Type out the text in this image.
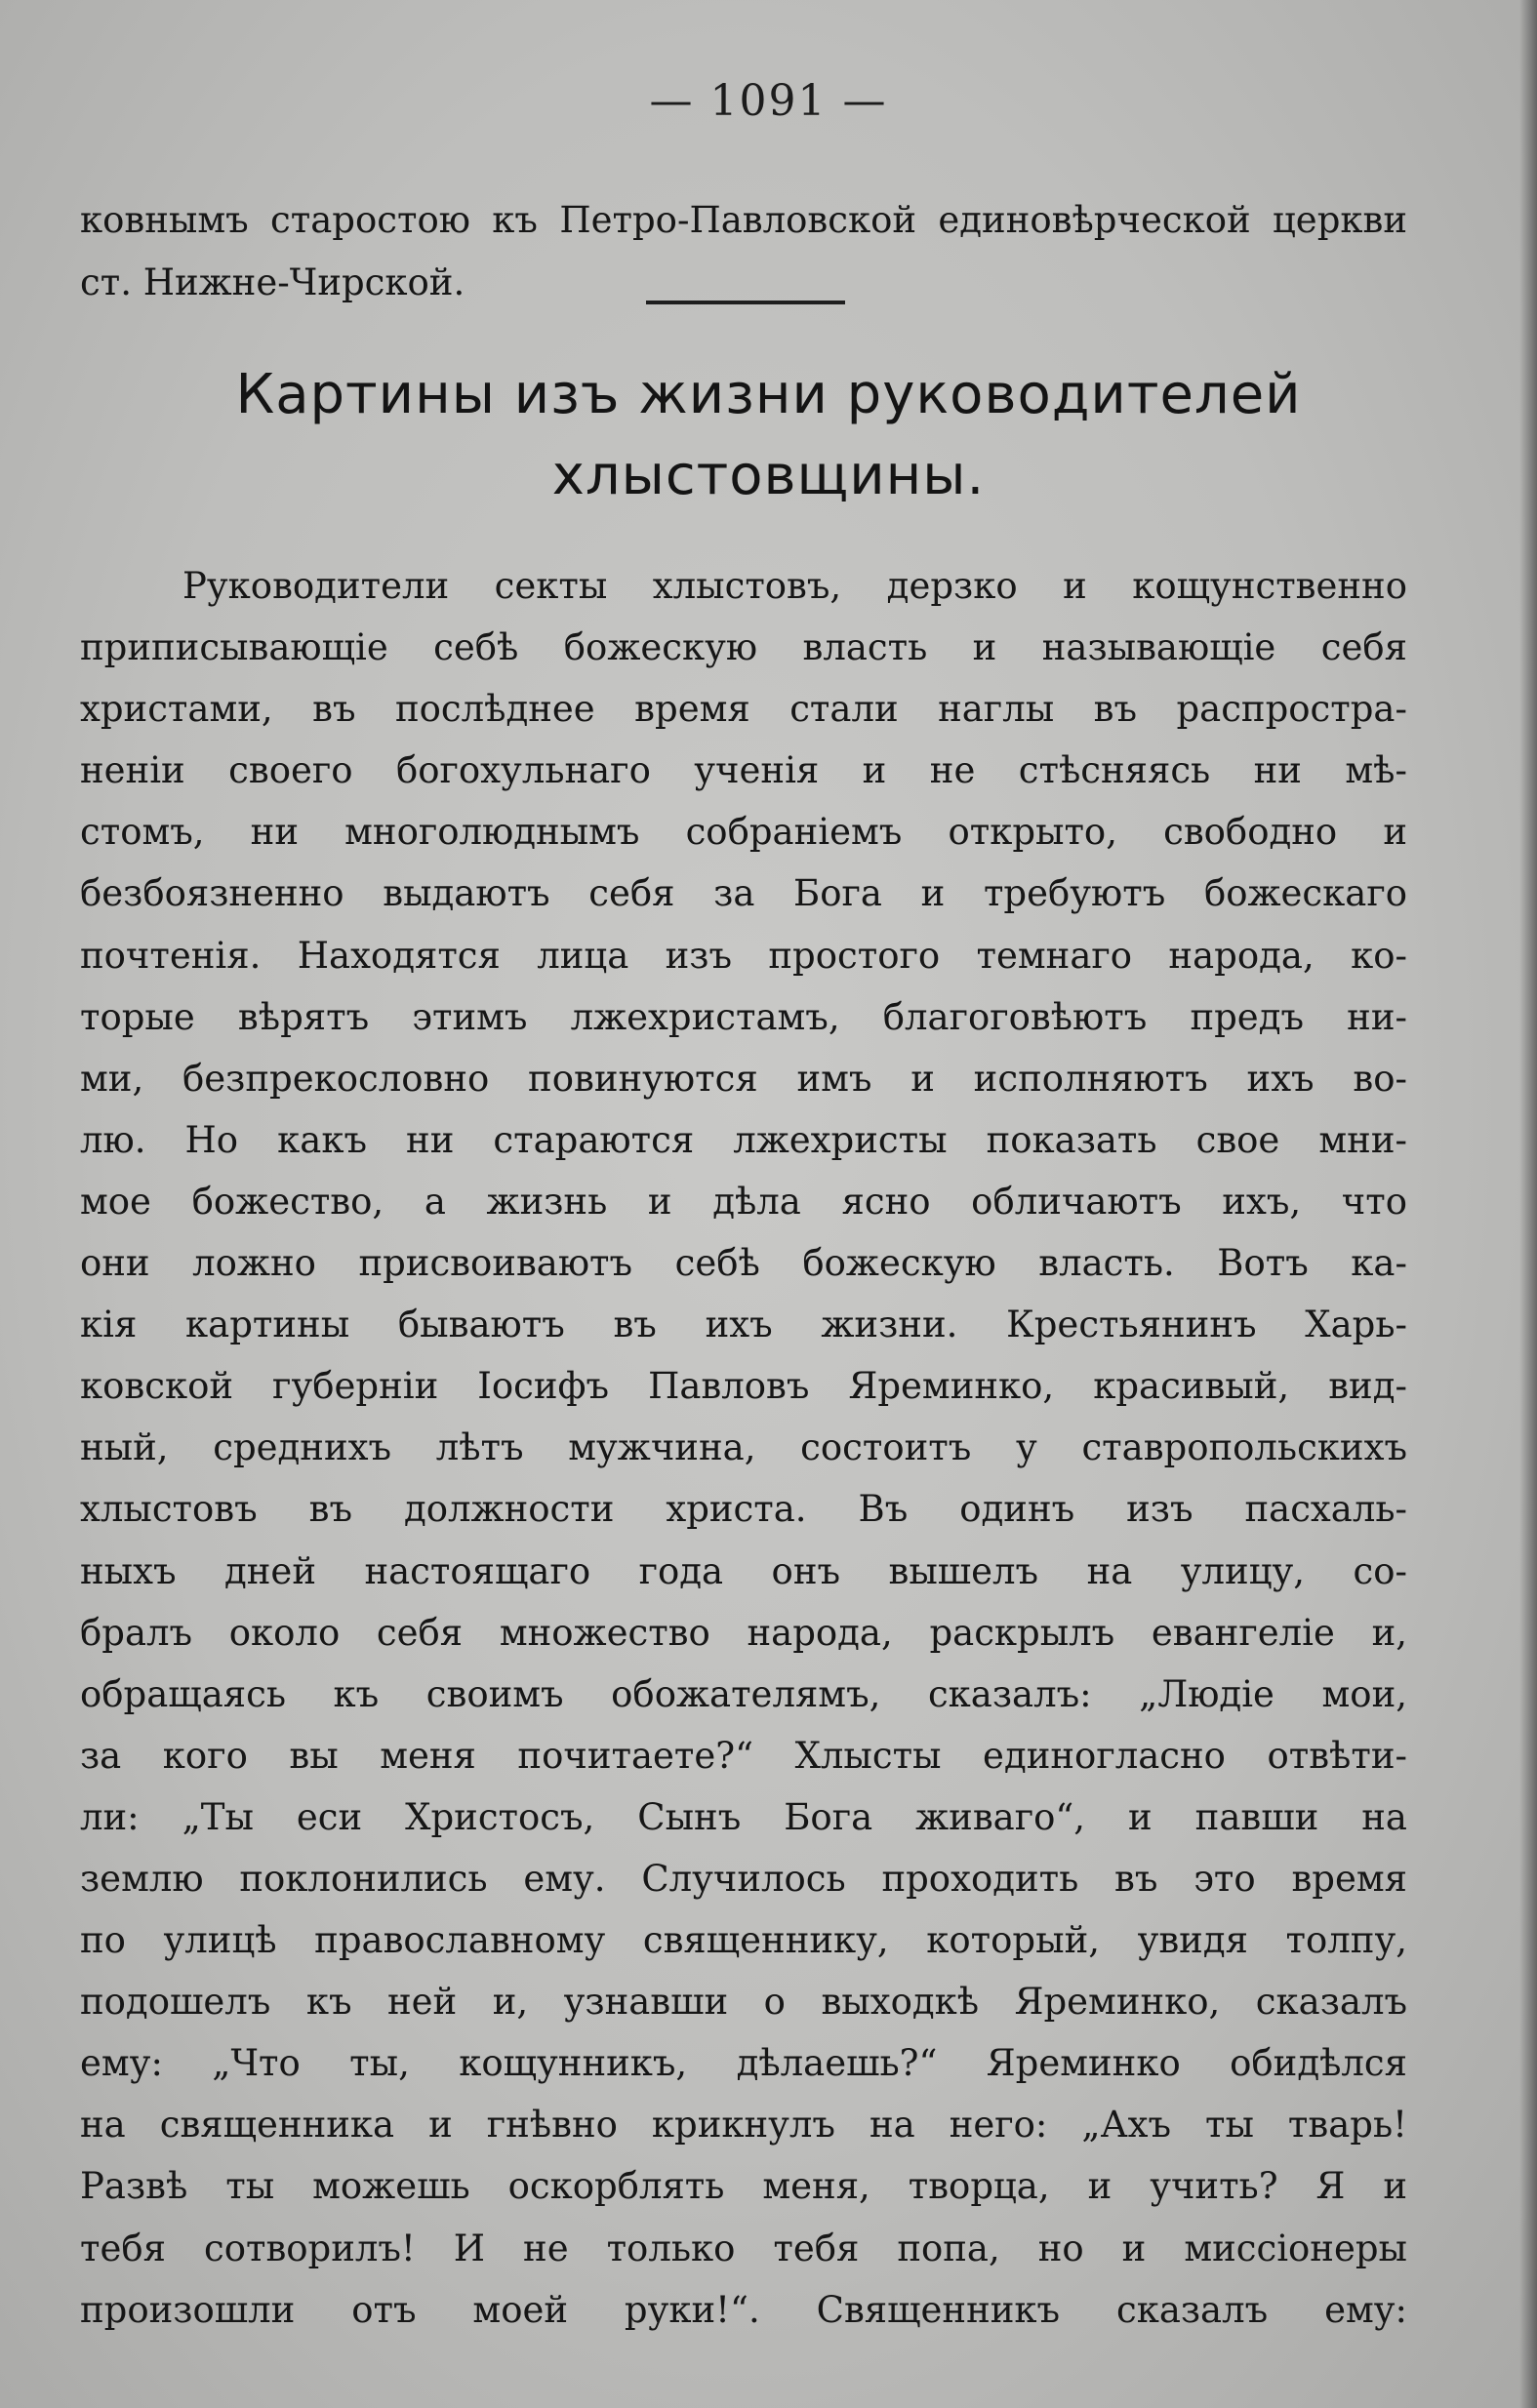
— 1091 —
ковнымъ старостою къ Петро-Павловской единовѣрческой церкви
ст. Нижне-Чирской.
Картины изъ жизни руководителей
хлыстовщины.
Руководители секты хлыстовъ, дерзко и кощунственно
приписывающіе себѣ божескую власть и называющіе себя
христами, въ послѣднее время стали наглы въ распростра-
неніи своего богохульнаго ученія и не стѣсняясь ни мѣ-
стомъ, ни многолюднымъ собраніемъ открыто, свободно и
безбоязненно выдаютъ себя за Бога и требуютъ божескаго
почтенія. Находятся лица изъ простого темнаго народа, ко-
торые вѣрятъ этимъ лжехристамъ, благоговѣютъ предъ ни-
ми, безпрекословно повинуются имъ и исполняютъ ихъ во-
лю. Но какъ ни стараются лжехристы показать свое мни-
мое божество, а жизнь и дѣла ясно обличаютъ ихъ, что
они ложно присвоиваютъ себѣ божескую власть. Вотъ ка-
кія картины бываютъ въ ихъ жизни. Крестьянинъ Харь-
ковской губерніи Іосифъ Павловъ Яреминко, красивый, вид-
ный, среднихъ лѣтъ мужчина, состоитъ у ставропольскихъ
хлыстовъ въ должности христа. Въ одинъ изъ пасхаль-
ныхъ дней настоящаго года онъ вышелъ на улицу, со-
бралъ около себя множество народа, раскрылъ евангеліе и,
обращаясь къ своимъ обожателямъ, сказалъ: „Людіе мои,
за кого вы меня почитаете?“ Хлысты единогласно отвѣти-
ли: „Ты еси Христосъ, Сынъ Бога живаго“, и павши на
землю поклонились ему. Случилось проходить въ это время
по улицѣ православному священнику, который, увидя толпу,
подошелъ къ ней и, узнавши о выходкѣ Яреминко, сказалъ
ему: „Что ты, кощунникъ, дѣлаешь?“ Яреминко обидѣлся
на священника и гнѣвно крикнулъ на него: „Ахъ ты тварь!
Развѣ ты можешь оскорблять меня, творца, и учить? Я и
тебя сотворилъ! И не только тебя попа, но и миссіонеры
произошли отъ моей руки!“. Священникъ сказалъ ему:
